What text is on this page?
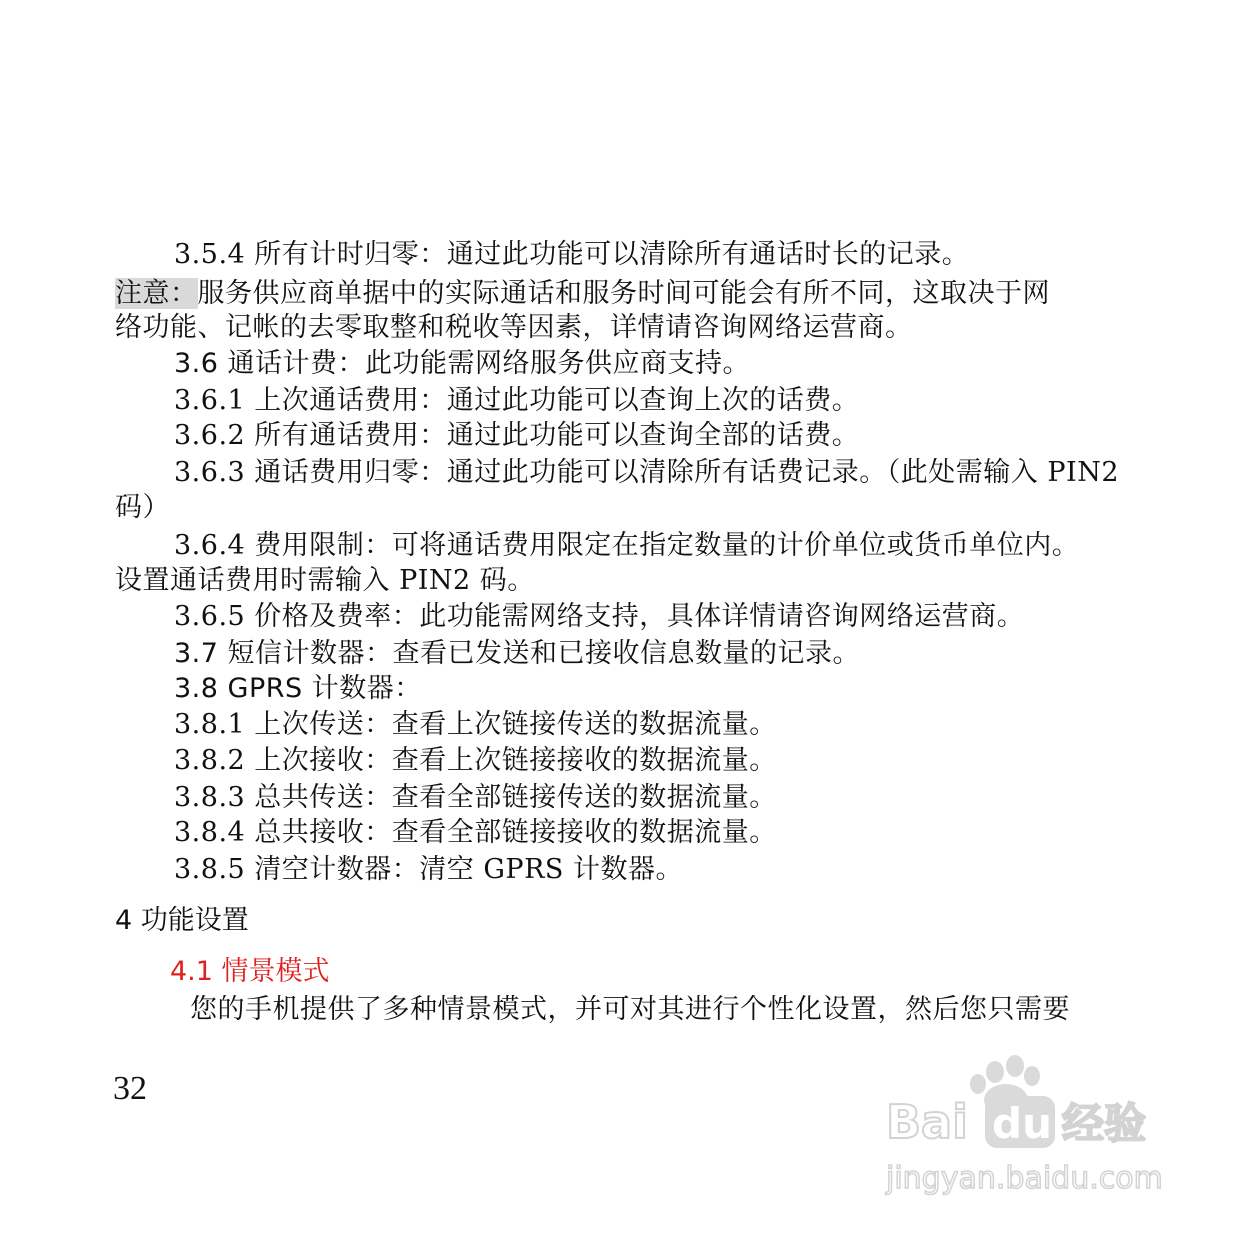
3.5.4 所有计时归零：通过此功能可以清除所有通话时长的记录。
注意：服务供应商单据中的实际通话和服务时间可能会有所不同，这取决于网
络功能、记帐的去零取整和税收等因素，详情请咨询网络运营商。
3.6 通话计费：此功能需网络服务供应商支持。
3.6.1 上次通话费用：通过此功能可以查询上次的话费。
3.6.2 所有通话费用：通过此功能可以查询全部的话费。
3.6.3 通话费用归零：通过此功能可以清除所有话费记录。（此处需输入 PIN2
码）
3.6.4 费用限制：可将通话费用限定在指定数量的计价单位或货币单位内。
设置通话费用时需输入 PIN2 码。
3.6.5 价格及费率：此功能需网络支持，具体详情请咨询网络运营商。
3.7 短信计数器：查看已发送和已接收信息数量的记录。
3.8 GPRS 计数器：
3.8.1 上次传送：查看上次链接传送的数据流量。
3.8.2 上次接收：查看上次链接接收的数据流量。
3.8.3 总共传送：查看全部链接传送的数据流量。
3.8.4 总共接收：查看全部链接接收的数据流量。
3.8.5 清空计数器：清空 GPRS 计数器。
4 功能设置
4.1 情景模式
您的手机提供了多种情景模式，并可对其进行个性化设置，然后您只需要
32
Bai du 经验
jingyan.baidu.com
